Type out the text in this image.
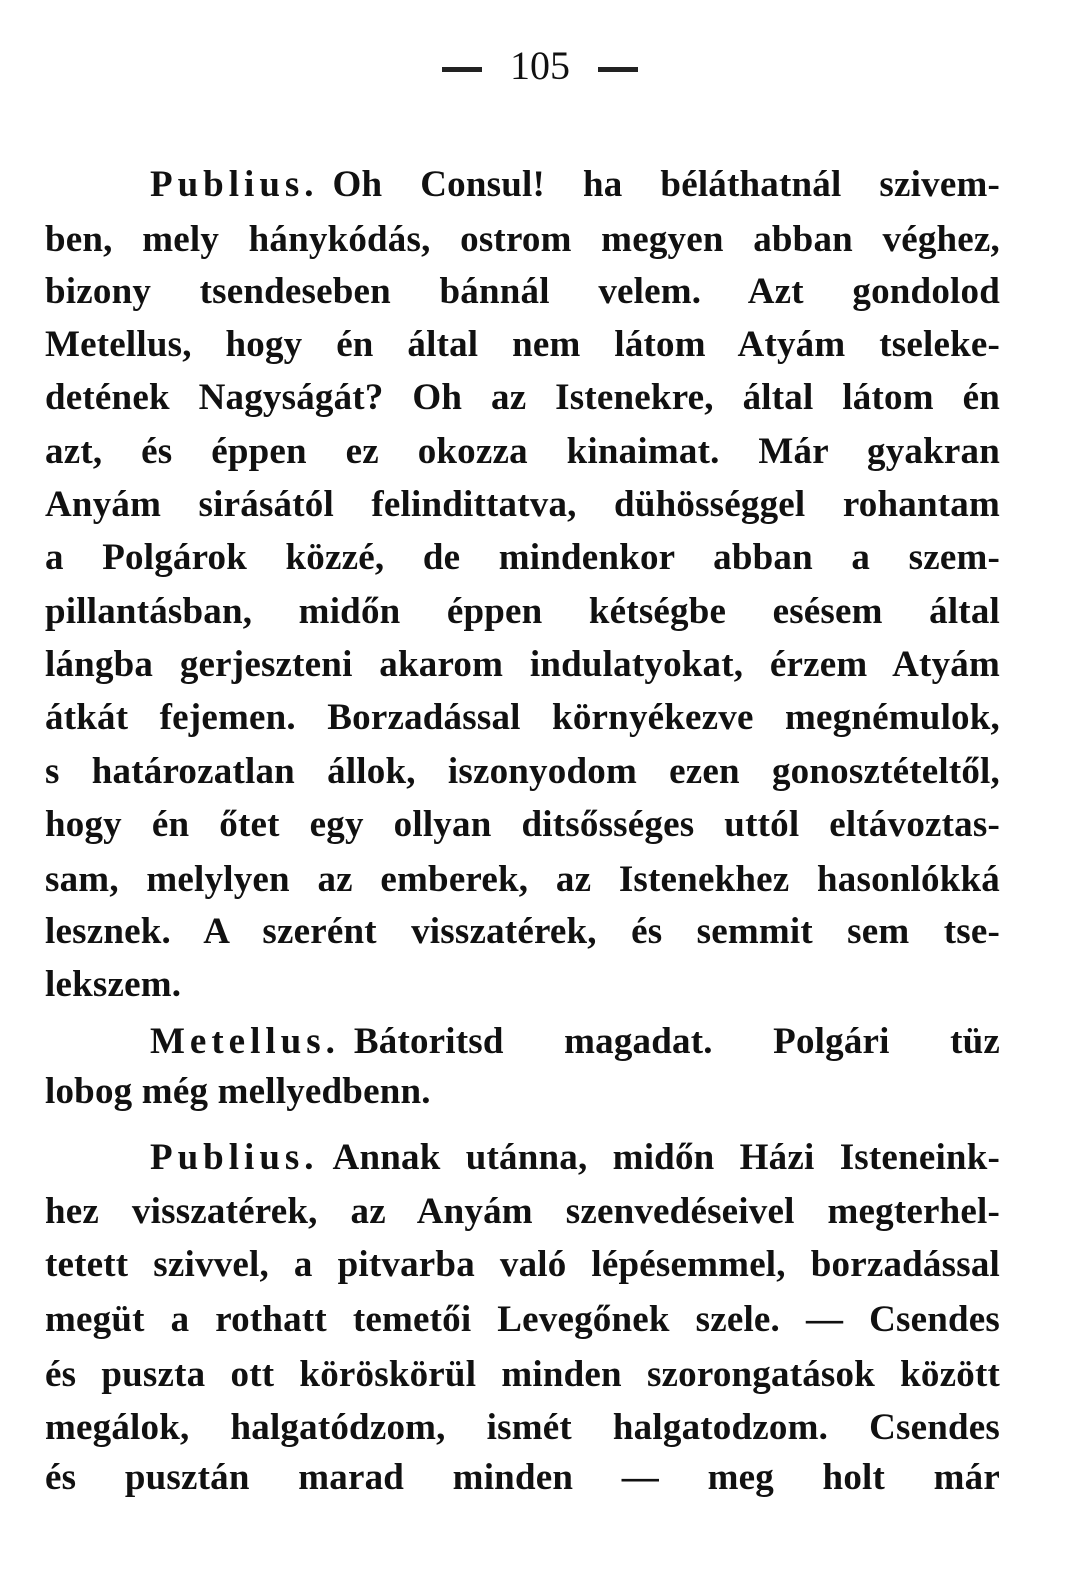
105
Publius. Oh Consul! ha béláthatnál szivem-
ben, mely hánykódás, ostrom megyen abban véghez,
bizony tsendeseben bánnál velem. Azt gondolod
Metellus, hogy én által nem látom Atyám tseleke-
detének Nagyságát? Oh az Istenekre, által látom én
azt, és éppen ez okozza kinaimat. Már gyakran
Anyám sirásától felindittatva, dühösséggel rohantam
a Polgárok közzé, de mindenkor abban a szem-
pillantásban, midőn éppen kétségbe esésem által
lángba gerjeszteni akarom indulatyokat, érzem Atyám
átkát fejemen. Borzadással környékezve megnémulok,
s határozatlan állok, iszonyodom ezen gonosztételtől,
hogy én őtet egy ollyan ditsősséges uttól eltávoztas-
sam, melylyen az emberek, az Istenekhez hasonlókká
lesznek. A szerént visszatérek, és semmit sem tse-
lekszem.
Metellus. Bátoritsd magadat. Polgári tüz
lobog még mellyedbenn.
Publius. Annak utánna, midőn Házi Isteneink-
hez visszatérek, az Anyám szenvedéseivel megterhel-
tetett szivvel, a pitvarba való lépésemmel, borzadással
megüt a rothatt temetői Levegőnek szele. — Csendes
és puszta ott köröskörül minden szorongatások között
megálok, halgatódzom, ismét halgatodzom. Csendes
és pusztán marad minden — meg holt már
